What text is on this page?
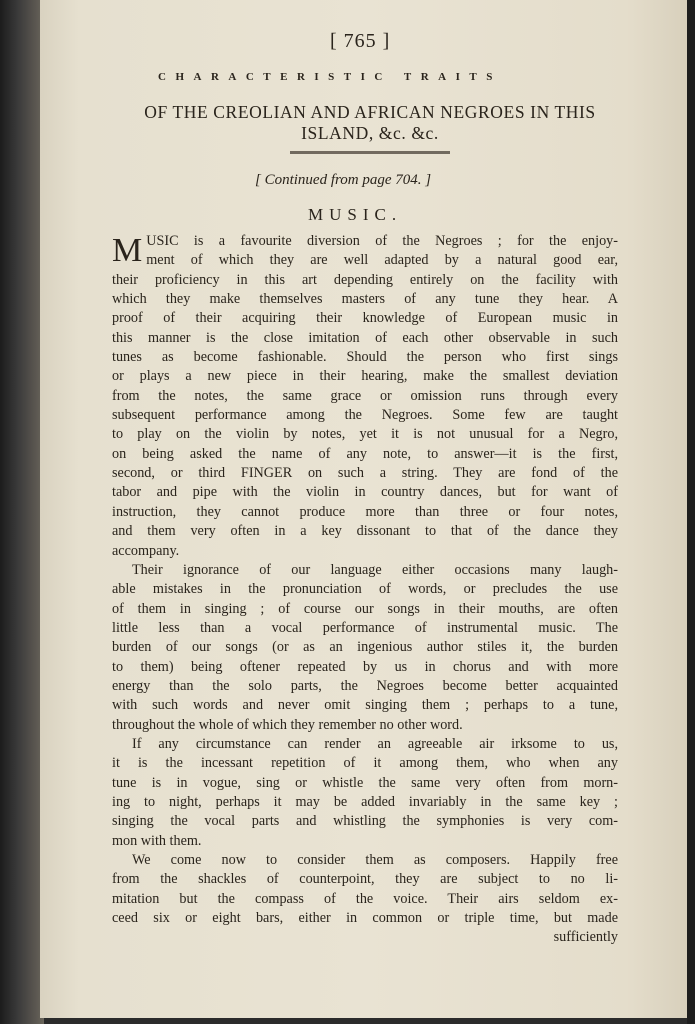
[ 765 ]
CHARACTERISTIC TRAITS
OF THE CREOLIAN AND AFRICAN NEGROES IN THIS
ISLAND, &c. &c.
[ Continued from page 704. ]
MUSIC.
M USIC is a favourite diversion of the Negroes ; for the enjoy-
ment of which they are well adapted by a natural good ear,
their proficiency in this art depending entirely on the facility with
which they make themselves masters of any tune they hear. A
proof of their acquiring their knowledge of European music in
this manner is the close imitation of each other observable in such
tunes as become fashionable. Should the person who first sings
or plays a new piece in their hearing, make the smallest deviation
from the notes, the same grace or omission runs through every
subsequent performance among the Negroes. Some few are taught
to play on the violin by notes, yet it is not unusual for a Negro,
on being asked the name of any note, to answer—it is the first,
second, or third FINGER on such a string. They are fond of the
tabor and pipe with the violin in country dances, but for want of
instruction, they cannot produce more than three or four notes,
and them very often in a key dissonant to that of the dance they
accompany.
Their ignorance of our language either occasions many laugh-
able mistakes in the pronunciation of words, or precludes the use
of them in singing ; of course our songs in their mouths, are often
little less than a vocal performance of instrumental music. The
burden of our songs (or as an ingenious author stiles it, the burden
to them) being oftener repeated by us in chorus and with more
energy than the solo parts, the Negroes become better acquainted
with such words and never omit singing them ; perhaps to a tune,
throughout the whole of which they remember no other word.
If any circumstance can render an agreeable air irksome to us,
it is the incessant repetition of it among them, who when any
tune is in vogue, sing or whistle the same very often from morn-
ing to night, perhaps it may be added invariably in the same key ;
singing the vocal parts and whistling the symphonies is very com-
mon with them.
We come now to consider them as composers. Happily free
from the shackles of counterpoint, they are subject to no li-
mitation but the compass of the voice. Their airs seldom ex-
ceed six or eight bars, either in common or triple time, but made
sufficiently
